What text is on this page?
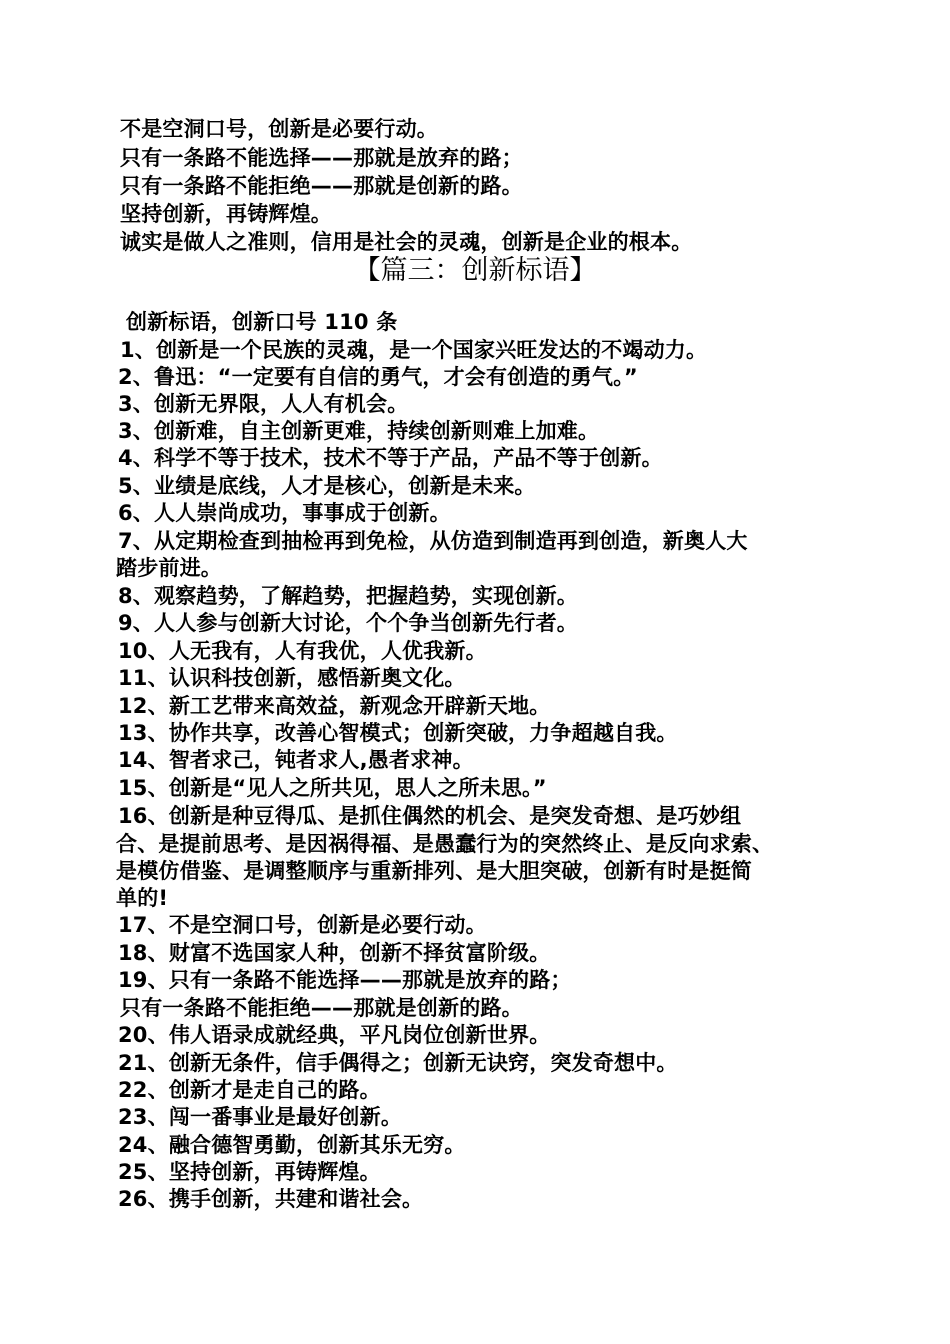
不是空洞口号，创新是必要行动。
只有一条路不能选择——那就是放弃的路；
只有一条路不能拒绝——那就是创新的路。
坚持创新，再铸辉煌。
诚实是做人之准则，信用是社会的灵魂，创新是企业的根本。
【篇三：创新标语】
创新标语，创新口号 110 条
1、创新是一个民族的灵魂，是一个国家兴旺发达的不竭动力。
2、鲁迅：“一定要有自信的勇气，才会有创造的勇气。”
3、创新无界限，人人有机会。
3、创新难，自主创新更难，持续创新则难上加难。
4、科学不等于技术，技术不等于产品，产品不等于创新。
5、业绩是底线，人才是核心，创新是未来。
6、人人崇尚成功，事事成于创新。
7、从定期检查到抽检再到免检，从仿造到制造再到创造，新奥人大
踏步前进。
8、观察趋势，了解趋势，把握趋势，实现创新。
9、人人参与创新大讨论，个个争当创新先行者。
10、人无我有，人有我优，人优我新。
11、认识科技创新，感悟新奥文化。
12、新工艺带来高效益，新观念开辟新天地。
13、协作共享，改善心智模式；创新突破，力争超越自我。
14、智者求己，钝者求人,愚者求神。
15、创新是“见人之所共见，思人之所未思。”
16、创新是种豆得瓜、是抓住偶然的机会、是突发奇想、是巧妙组
合、是提前思考、是因祸得福、是愚蠢行为的突然终止、是反向求索、
是模仿借鉴、是调整顺序与重新排列、是大胆突破，创新有时是挺简
单的!
17、不是空洞口号，创新是必要行动。
18、财富不选国家人种，创新不择贫富阶级。
19、只有一条路不能选择——那就是放弃的路；
只有一条路不能拒绝——那就是创新的路。
20、伟人语录成就经典，平凡岗位创新世界。
21、创新无条件，信手偶得之；创新无诀窍，突发奇想中。
22、创新才是走自己的路。
23、闯一番事业是最好创新。
24、融合德智勇勤，创新其乐无穷。
25、坚持创新，再铸辉煌。
26、携手创新，共建和谐社会。
